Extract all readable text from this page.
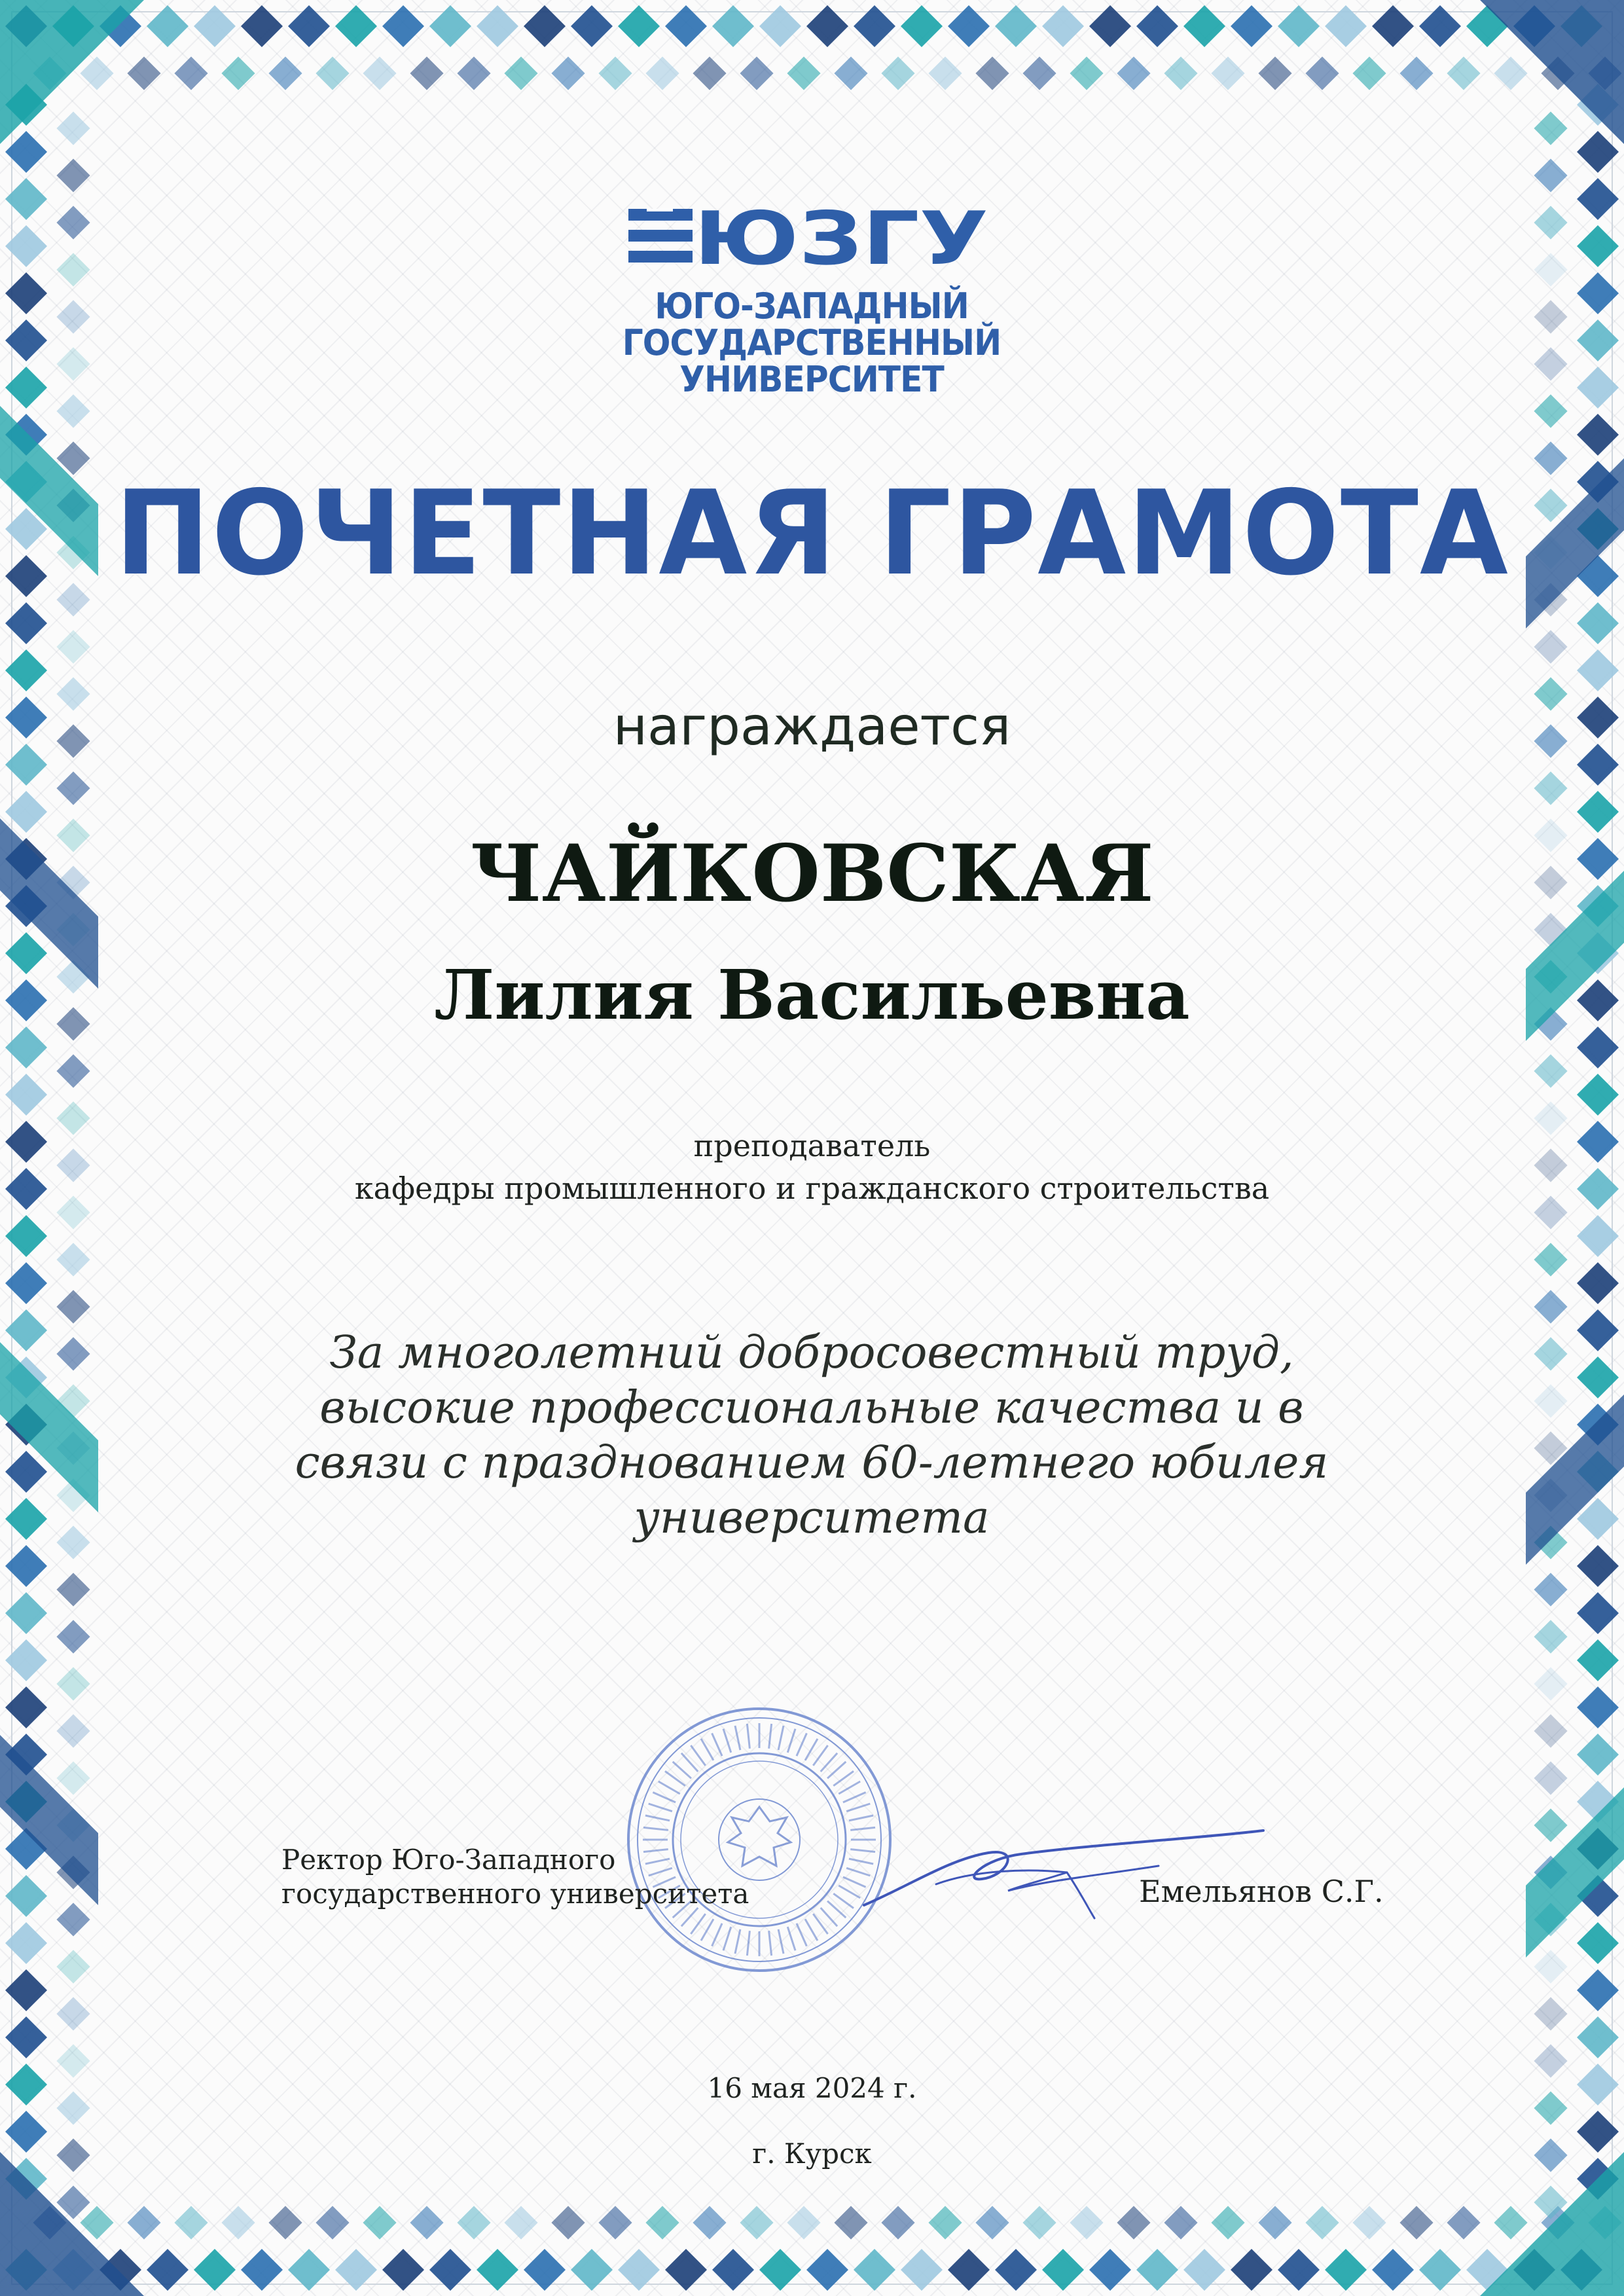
ЮЗГУ
ЮГО-ЗАПАДНЫЙ
ГОСУДАРСТВЕННЫЙ
УНИВЕРСИТЕТ
ПОЧЕТНАЯ ГРАМОТА
награждается
ЧАЙКОВСКАЯ
Лилия Васильевна
преподаватель
кафедры промышленного и гражданского строительства
За многолетний добросовестный труд,
высокие профессиональные качества и в
связи с празднованием 60-летнего юбилея
университета
Ректор Юго-Западного
государственного университета	Емельянов С.Г.
16 мая 2024 г.
г. Курск
